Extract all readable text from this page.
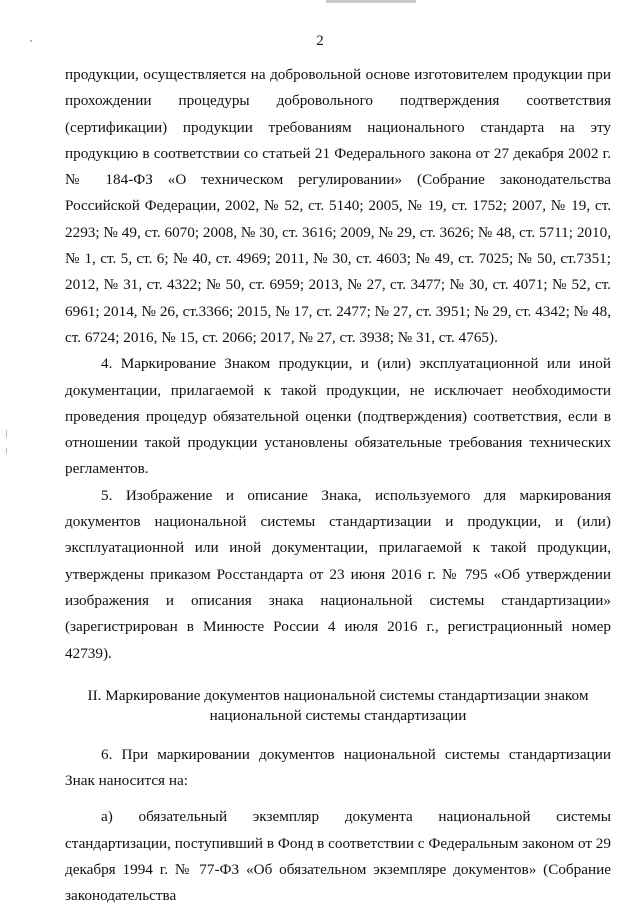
2

продукции, осуществляется на добровольной основе изготовителем продукции при прохождении процедуры добровольного подтверждения соответствия (сертификации) продукции требованиям национального стандарта на эту продукцию в соответствии со статьей 21 Федерального закона от 27 декабря 2002 г. № 184-ФЗ «О техническом регулировании» (Собрание законодательства Российской Федерации, 2002, № 52, ст. 5140; 2005, № 19, ст. 1752; 2007, № 19, ст. 2293; № 49, ст. 6070; 2008, № 30, ст. 3616; 2009, № 29, ст. 3626; № 48, ст. 5711; 2010, № 1, ст. 5, ст. 6; № 40, ст. 4969; 2011, № 30, ст. 4603; № 49, ст. 7025; № 50, ст.7351; 2012, № 31, ст. 4322; № 50, ст. 6959; 2013, № 27, ст. 3477; № 30, ст. 4071; № 52, ст. 6961; 2014, № 26, ст.3366; 2015, № 17, ст. 2477; № 27, ст. 3951; № 29, ст. 4342; № 48, ст. 6724; 2016, № 15, ст. 2066; 2017, № 27, ст. 3938; № 31, ст. 4765).

4. Маркирование Знаком продукции, и (или) эксплуатационной или иной документации, прилагаемой к такой продукции, не исключает необходимости проведения процедур обязательной оценки (подтверждения) соответствия, если в отношении такой продукции установлены обязательные требования технических регламентов.

5. Изображение и описание Знака, используемого для маркирования документов национальной системы стандартизации и продукции, и (или) эксплуатационной или иной документации, прилагаемой к такой продукции, утверждены приказом Росстандарта от 23 июня 2016 г. № 795 «Об утверждении изображения и описания знака национальной системы стандартизации» (зарегистрирован в Минюсте России 4 июля 2016 г., регистрационный номер 42739).

II. Маркирование документов национальной системы стандартизации знаком национальной системы стандартизации

6. При маркировании документов национальной системы стандартизации Знак наносится на:

а) обязательный экземпляр документа национальной системы стандартизации, поступивший в Фонд в соответствии с Федеральным законом от 29 декабря 1994 г. № 77-ФЗ «Об обязательном экземпляре документов» (Собрание законодательства
